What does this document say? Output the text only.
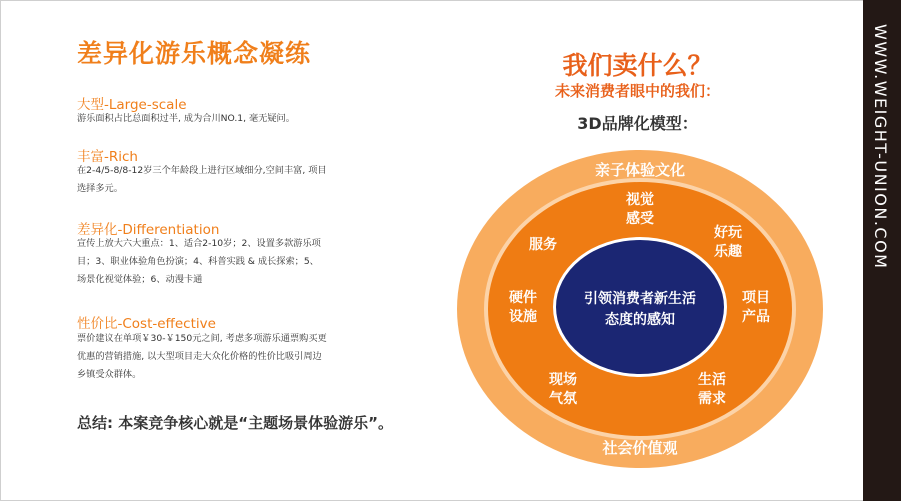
差异化游乐概念凝练
大型-Large-scale
游乐面积占比总面积过半, 成为合川NO.1, 毫无疑问。
丰富-Rich
在2-4/5-8/8-12岁三个年龄段上进行区域细分,空间丰富, 项目选择多元。
差异化-Differentiation
宣传上放大六大重点：1、适合2-10岁；2、设置多款游乐项目；3、职业体验角色扮演；4、科普实践 & 成长探索；5、场景化视觉体验；6、动漫卡通
性价比-Cost-effective
票价建议在单项￥30-￥150元之间, 考虑多项游乐通票购买更优惠的营销措施, 以大型项目走大众化价格的性价比吸引周边乡镇受众群体。
总结: 本案竞争核心就是“主题场景体验游乐”。
我们卖什么？
未来消费者眼中的我们：
3D品牌化模型：
亲子体验文化
社会价值观
视觉
感受
好玩
乐趣
服务
硬件
设施
项目
产品
现场
气氛
生活
需求
引领消费者新生活
态度的感知
WWW.WEIGHT-UNION.COM
